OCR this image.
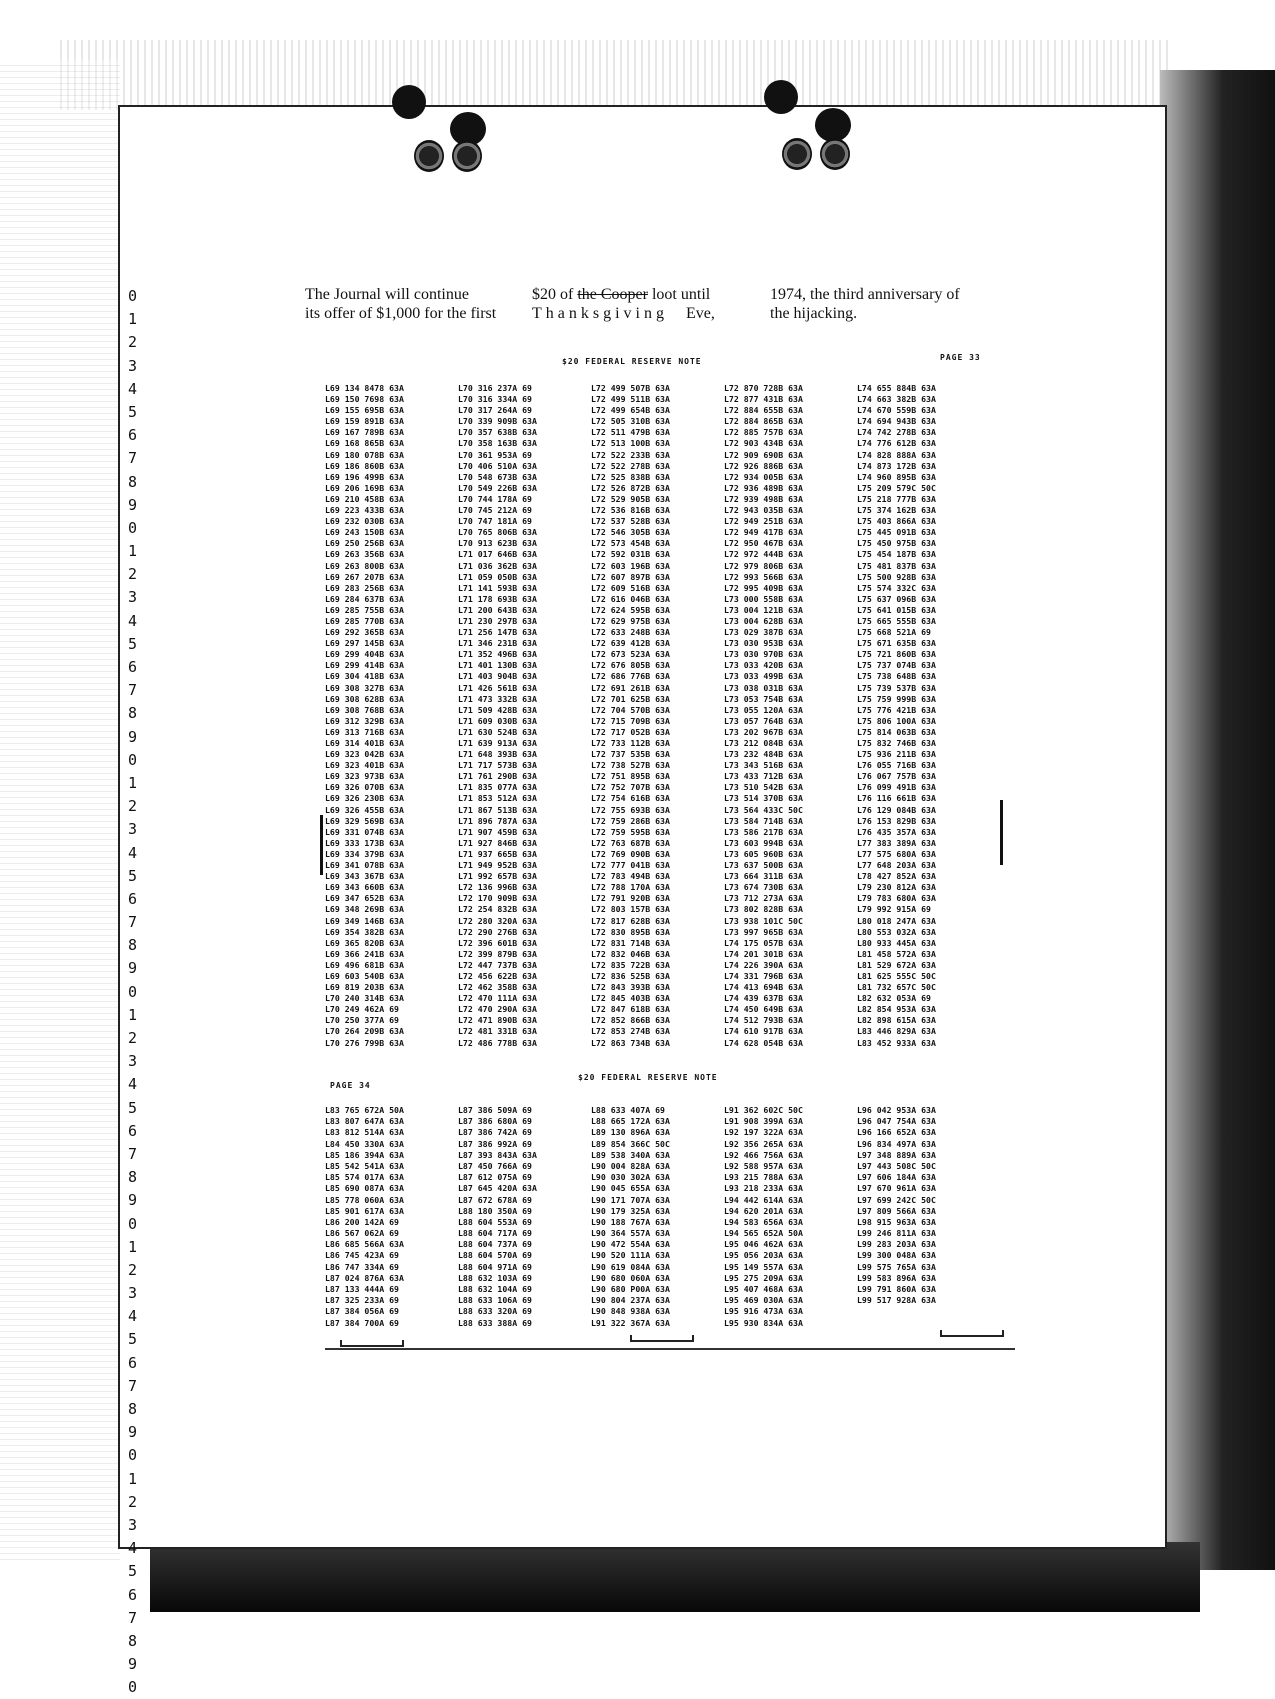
0
1
2
3
4
5
6
7
8
9
0
1
2
3
4
5
6
7
8
9
0
1
2
3
4
5
6
7
8
9
0
1
2
3
4
5
6
7
8
9
0
1
2
3
4
5
6
7
8
9
0
1
2
3
4
5
6
7
8
9
0
The Journal will continue
its offer of $1,000 for the first
$20 of the Cooper loot until
Thanksgiving Eve,
1974, the third anniversary of
the hijacking.
$20 FEDERAL RESERVE NOTE	PAGE 33
L69 134 8478 63A
L69 150 7698 63A
L69 155 695B 63A
L69 159 891B 63A
L69 167 789B 63A
L69 168 865B 63A
L69 180 078B 63A
L69 186 860B 63A
L69 196 499B 63A
L69 206 169B 63A
L69 210 458B 63A
L69 223 433B 63A
L69 232 030B 63A
L69 243 150B 63A
L69 250 256B 63A
L69 263 356B 63A
L69 263 800B 63A
L69 267 207B 63A
L69 283 256B 63A
L69 284 637B 63A
L69 285 755B 63A
L69 285 770B 63A
L69 292 365B 63A
L69 297 145B 63A
L69 299 404B 63A
L69 299 414B 63A
L69 304 418B 63A
L69 308 327B 63A
L69 308 628B 63A
L69 308 768B 63A
L69 312 329B 63A
L69 313 716B 63A
L69 314 401B 63A
L69 323 042B 63A
L69 323 401B 63A
L69 323 973B 63A
L69 326 070B 63A
L69 326 230B 63A
L69 326 455B 63A
L69 329 569B 63A
L69 331 074B 63A
L69 333 173B 63A
L69 334 379B 63A
L69 341 078B 63A
L69 343 367B 63A
L69 343 660B 63A
L69 347 652B 63A
L69 348 269B 63A
L69 349 146B 63A
L69 354 382B 63A
L69 365 820B 63A
L69 366 241B 63A
L69 496 681B 63A
L69 603 540B 63A
L69 819 203B 63A
L70 240 314B 63A
L70 249 462A 69
L70 250 377A 69
L70 264 209B 63A
L70 276 799B 63A
L70 316 237A 69
L70 316 334A 69
L70 317 264A 69
L70 339 909B 63A
L70 357 638B 63A
L70 358 163B 63A
L70 361 953A 69
L70 406 510A 63A
L70 548 673B 63A
L70 549 226B 63A
L70 744 178A 69
L70 745 212A 69
L70 747 181A 69
L70 765 806B 63A
L70 913 623B 63A
L71 017 646B 63A
L71 036 362B 63A
L71 059 050B 63A
L71 141 593B 63A
L71 178 693B 63A
L71 200 643B 63A
L71 230 297B 63A
L71 256 147B 63A
L71 346 231B 63A
L71 352 496B 63A
L71 401 130B 63A
L71 403 904B 63A
L71 426 561B 63A
L71 473 332B 63A
L71 509 428B 63A
L71 609 030B 63A
L71 630 524B 63A
L71 639 913A 63A
L71 648 393B 63A
L71 717 573B 63A
L71 761 290B 63A
L71 835 077A 63A
L71 853 512A 63A
L71 867 513B 63A
L71 896 787A 63A
L71 907 459B 63A
L71 927 846B 63A
L71 937 665B 63A
L71 949 952B 63A
L71 992 657B 63A
L72 136 996B 63A
L72 170 909B 63A
L72 254 832B 63A
L72 280 320A 63A
L72 290 276B 63A
L72 396 601B 63A
L72 399 879B 63A
L72 447 737B 63A
L72 456 622B 63A
L72 462 358B 63A
L72 470 111A 63A
L72 470 290A 63A
L72 471 890B 63A
L72 481 331B 63A
L72 486 778B 63A
L72 499 507B 63A
L72 499 511B 63A
L72 499 654B 63A
L72 505 310B 63A
L72 511 479B 63A
L72 513 100B 63A
L72 522 233B 63A
L72 522 278B 63A
L72 525 838B 63A
L72 526 872B 63A
L72 529 905B 63A
L72 536 816B 63A
L72 537 528B 63A
L72 546 305B 63A
L72 573 454B 63A
L72 592 031B 63A
L72 603 196B 63A
L72 607 897B 63A
L72 609 516B 63A
L72 616 046B 63A
L72 624 595B 63A
L72 629 975B 63A
L72 633 248B 63A
L72 639 412B 63A
L72 673 523A 63A
L72 676 805B 63A
L72 686 776B 63A
L72 691 261B 63A
L72 701 625B 63A
L72 704 570B 63A
L72 715 709B 63A
L72 717 052B 63A
L72 733 112B 63A
L72 737 535B 63A
L72 738 527B 63A
L72 751 895B 63A
L72 752 707B 63A
L72 754 616B 63A
L72 755 693B 63A
L72 759 286B 63A
L72 759 595B 63A
L72 763 687B 63A
L72 769 090B 63A
L72 777 041B 63A
L72 783 494B 63A
L72 788 170A 63A
L72 791 920B 63A
L72 803 157B 63A
L72 817 628B 63A
L72 830 895B 63A
L72 831 714B 63A
L72 832 046B 63A
L72 835 722B 63A
L72 836 525B 63A
L72 843 393B 63A
L72 845 403B 63A
L72 847 618B 63A
L72 852 866B 63A
L72 853 274B 63A
L72 863 734B 63A
L72 870 728B 63A
L72 877 431B 63A
L72 884 655B 63A
L72 884 865B 63A
L72 885 757B 63A
L72 903 434B 63A
L72 909 690B 63A
L72 926 886B 63A
L72 934 005B 63A
L72 936 489B 63A
L72 939 498B 63A
L72 943 035B 63A
L72 949 251B 63A
L72 949 417B 63A
L72 950 467B 63A
L72 972 444B 63A
L72 979 806B 63A
L72 993 566B 63A
L72 995 409B 63A
L73 000 558B 63A
L73 004 121B 63A
L73 004 628B 63A
L73 029 387B 63A
L73 030 953B 63A
L73 030 970B 63A
L73 033 420B 63A
L73 033 499B 63A
L73 038 031B 63A
L73 053 754B 63A
L73 055 120A 63A
L73 057 764B 63A
L73 202 967B 63A
L73 212 084B 63A
L73 232 484B 63A
L73 343 516B 63A
L73 433 712B 63A
L73 510 542B 63A
L73 514 370B 63A
L73 564 433C 50C
L73 584 714B 63A
L73 586 217B 63A
L73 603 994B 63A
L73 605 960B 63A
L73 637 500B 63A
L73 664 311B 63A
L73 674 730B 63A
L73 712 273A 63A
L73 802 828B 63A
L73 938 101C 50C
L73 997 965B 63A
L74 175 057B 63A
L74 201 301B 63A
L74 226 390A 63A
L74 331 796B 63A
L74 413 694B 63A
L74 439 637B 63A
L74 450 649B 63A
L74 512 793B 63A
L74 610 917B 63A
L74 628 054B 63A
L74 655 884B 63A
L74 663 382B 63A
L74 670 559B 63A
L74 694 943B 63A
L74 742 278B 63A
L74 776 612B 63A
L74 828 888A 63A
L74 873 172B 63A
L74 960 895B 63A
L75 209 579C 50C
L75 218 777B 63A
L75 374 162B 63A
L75 403 866A 63A
L75 445 091B 63A
L75 450 975B 63A
L75 454 187B 63A
L75 481 837B 63A
L75 500 928B 63A
L75 574 332C 63A
L75 637 096B 63A
L75 641 015B 63A
L75 665 555B 63A
L75 668 521A 69
L75 671 635B 63A
L75 721 860B 63A
L75 737 074B 63A
L75 738 648B 63A
L75 739 537B 63A
L75 759 999B 63A
L75 776 421B 63A
L75 806 100A 63A
L75 814 063B 63A
L75 832 746B 63A
L75 936 211B 63A
L76 055 716B 63A
L76 067 757B 63A
L76 099 491B 63A
L76 116 661B 63A
L76 129 084B 63A
L76 153 829B 63A
L76 435 357A 63A
L77 383 389A 63A
L77 575 680A 63A
L77 648 203A 63A
L78 427 852A 63A
L79 230 812A 63A
L79 783 680A 63A
L79 992 915A 69
L80 018 247A 63A
L80 553 032A 63A
L80 933 445A 63A
L81 458 572A 63A
L81 529 672A 63A
L81 625 555C 50C
L81 732 657C 50C
L82 632 053A 69
L82 854 953A 63A
L82 898 615A 63A
L83 446 829A 63A
L83 452 933A 63A
$20 FEDERAL RESERVE NOTE
PAGE 34
L83 765 672A 50A
L83 807 647A 63A
L83 812 514A 63A
L84 450 330A 63A
L85 186 394A 63A
L85 542 541A 63A
L85 574 017A 63A
L85 690 087A 63A
L85 778 060A 63A
L85 901 617A 63A
L86 200 142A 69
L86 567 062A 69
L86 685 566A 63A
L86 745 423A 69
L86 747 334A 69
L87 024 876A 63A
L87 133 444A 69
L87 325 233A 69
L87 384 056A 69
L87 384 700A 69
L87 386 509A 69
L87 386 680A 69
L87 386 742A 69
L87 386 992A 69
L87 393 843A 63A
L87 450 766A 69
L87 612 075A 69
L87 645 420A 63A
L87 672 678A 69
L88 180 350A 69
L88 604 553A 69
L88 604 717A 69
L88 604 737A 69
L88 604 570A 69
L88 604 971A 69
L88 632 103A 69
L88 632 104A 69
L88 633 106A 69
L88 633 320A 69
L88 633 388A 69
L88 633 407A 69
L88 665 172A 63A
L89 130 896A 63A
L89 854 366C 50C
L89 538 340A 63A
L90 004 828A 63A
L90 030 302A 63A
L90 045 655A 63A
L90 171 707A 63A
L90 179 325A 63A
L90 188 767A 63A
L90 364 557A 63A
L90 472 554A 63A
L90 520 111A 63A
L90 619 084A 63A
L90 680 060A 63A
L90 680 P00A 63A
L90 804 237A 63A
L90 848 938A 63A
L91 322 367A 63A
L91 362 602C 50C
L91 908 399A 63A
L92 197 322A 63A
L92 356 265A 63A
L92 466 756A 63A
L92 588 957A 63A
L93 215 788A 63A
L93 218 233A 63A
L94 442 614A 63A
L94 620 201A 63A
L94 583 656A 63A
L94 565 652A 50A
L95 046 462A 63A
L95 056 203A 63A
L95 149 557A 63A
L95 275 209A 63A
L95 407 468A 63A
L95 469 030A 63A
L95 916 473A 63A
L95 930 834A 63A
L96 042 953A 63A
L96 047 754A 63A
L96 166 652A 63A
L96 834 497A 63A
L97 348 889A 63A
L97 443 508C 50C
L97 606 184A 63A
L97 670 961A 63A
L97 699 242C 50C
L97 809 566A 63A
L98 915 963A 63A
L99 246 811A 63A
L99 283 203A 63A
L99 300 048A 63A
L99 575 765A 63A
L99 583 896A 63A
L99 791 860A 63A
L99 517 928A 63A
